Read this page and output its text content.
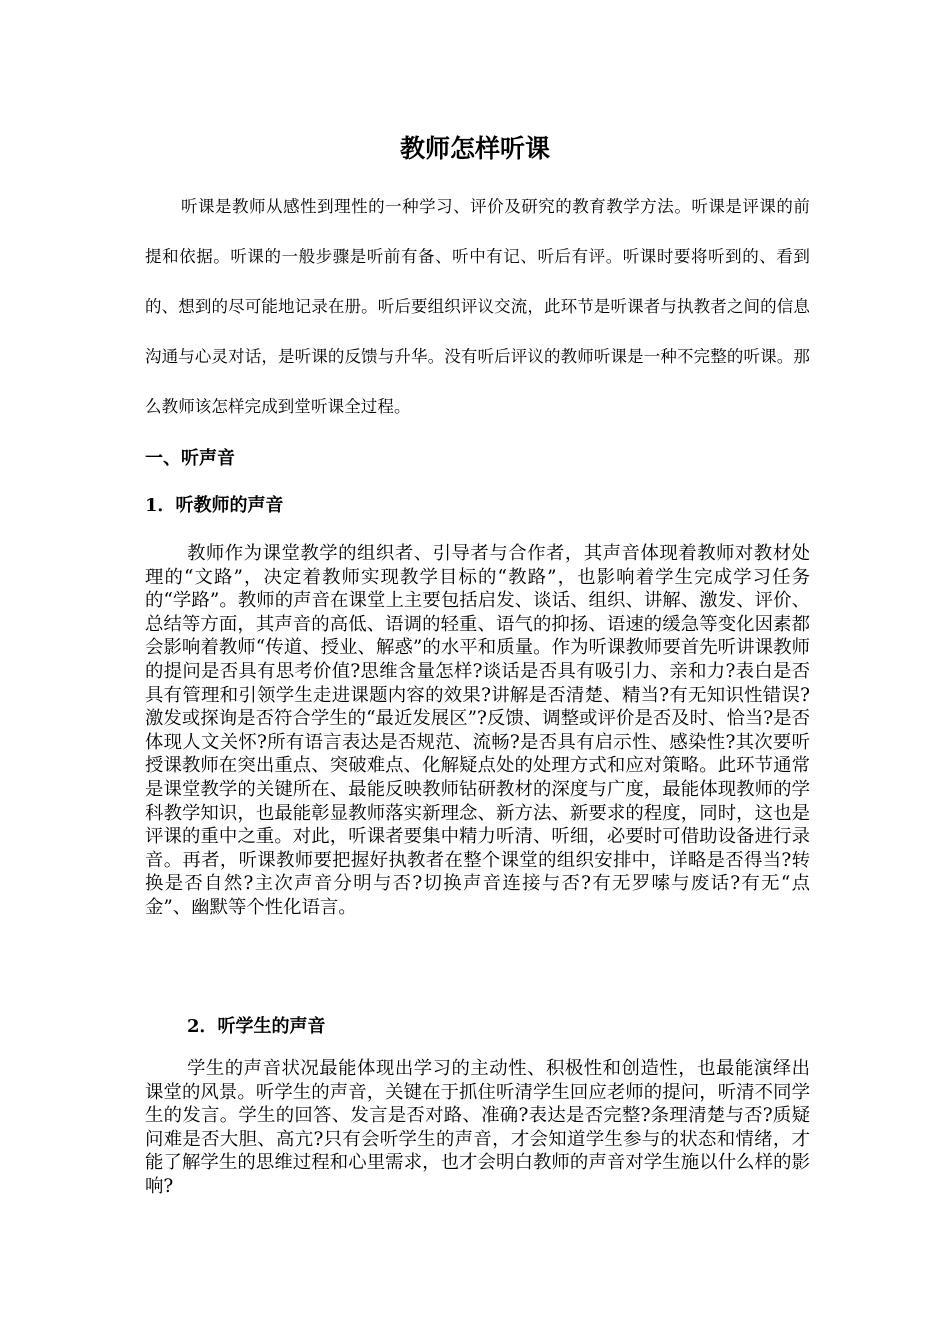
教师怎样听课

听课是教师从感性到理性的一种学习、评价及研究的教育教学方法。听课是评课的前提和依据。听课的一般步骤是听前有备、听中有记、听后有评。听课时要将听到的、看到的、想到的尽可能地记录在册。听后要组织评议交流，此环节是听课者与执教者之间的信息沟通与心灵对话，是听课的反馈与升华。没有听后评议的教师听课是一种不完整的听课。那么教师该怎样完成到堂听课全过程。

一、听声音
1．听教师的声音

教师作为课堂教学的组织者、引导者与合作者，其声音体现着教师对教材处理的“文路”，决定着教师实现教学目标的“教路”，也影响着学生完成学习任务的“学路”。教师的声音在课堂上主要包括启发、谈话、组织、讲解、激发、评价、总结等方面，其声音的高低、语调的轻重、语气的抑扬、语速的缓急等变化因素都会影响着教师“传道、授业、解惑”的水平和质量。作为听课教师要首先听讲课教师的提问是否具有思考价值?思维含量怎样?谈话是否具有吸引力、亲和力?表白是否具有管理和引领学生走进课题内容的效果?讲解是否清楚、精当?有无知识性错误?激发或探询是否符合学生的“最近发展区”?反馈、调整或评价是否及时、恰当?是否体现人文关怀?所有语言表达是否规范、流畅?是否具有启示性、感染性?其次要听授课教师在突出重点、突破难点、化解疑点处的处理方式和应对策略。此环节通常是课堂教学的关键所在、最能反映教师钻研教材的深度与广度，最能体现教师的学科教学知识，也最能彰显教师落实新理念、新方法、新要求的程度，同时，这也是评课的重中之重。对此，听课者要集中精力听清、听细，必要时可借助设备进行录音。再者，听课教师要把握好执教者在整个课堂的组织安排中，详略是否得当?转换是否自然?主次声音分明与否?切换声音连接与否?有无罗嗦与废话?有无“点金”、幽默等个性化语言。

2．听学生的声音

学生的声音状况最能体现出学习的主动性、积极性和创造性，也最能演绎出课堂的风景。听学生的声音，关键在于抓住听清学生回应老师的提问，听清不同学生的发言。学生的回答、发言是否对路、准确?表达是否完整?条理清楚与否?质疑问难是否大胆、高亢?只有会听学生的声音，才会知道学生参与的状态和情绪，才能了解学生的思维过程和心里需求，也才会明白教师的声音对学生施以什么样的影响?
